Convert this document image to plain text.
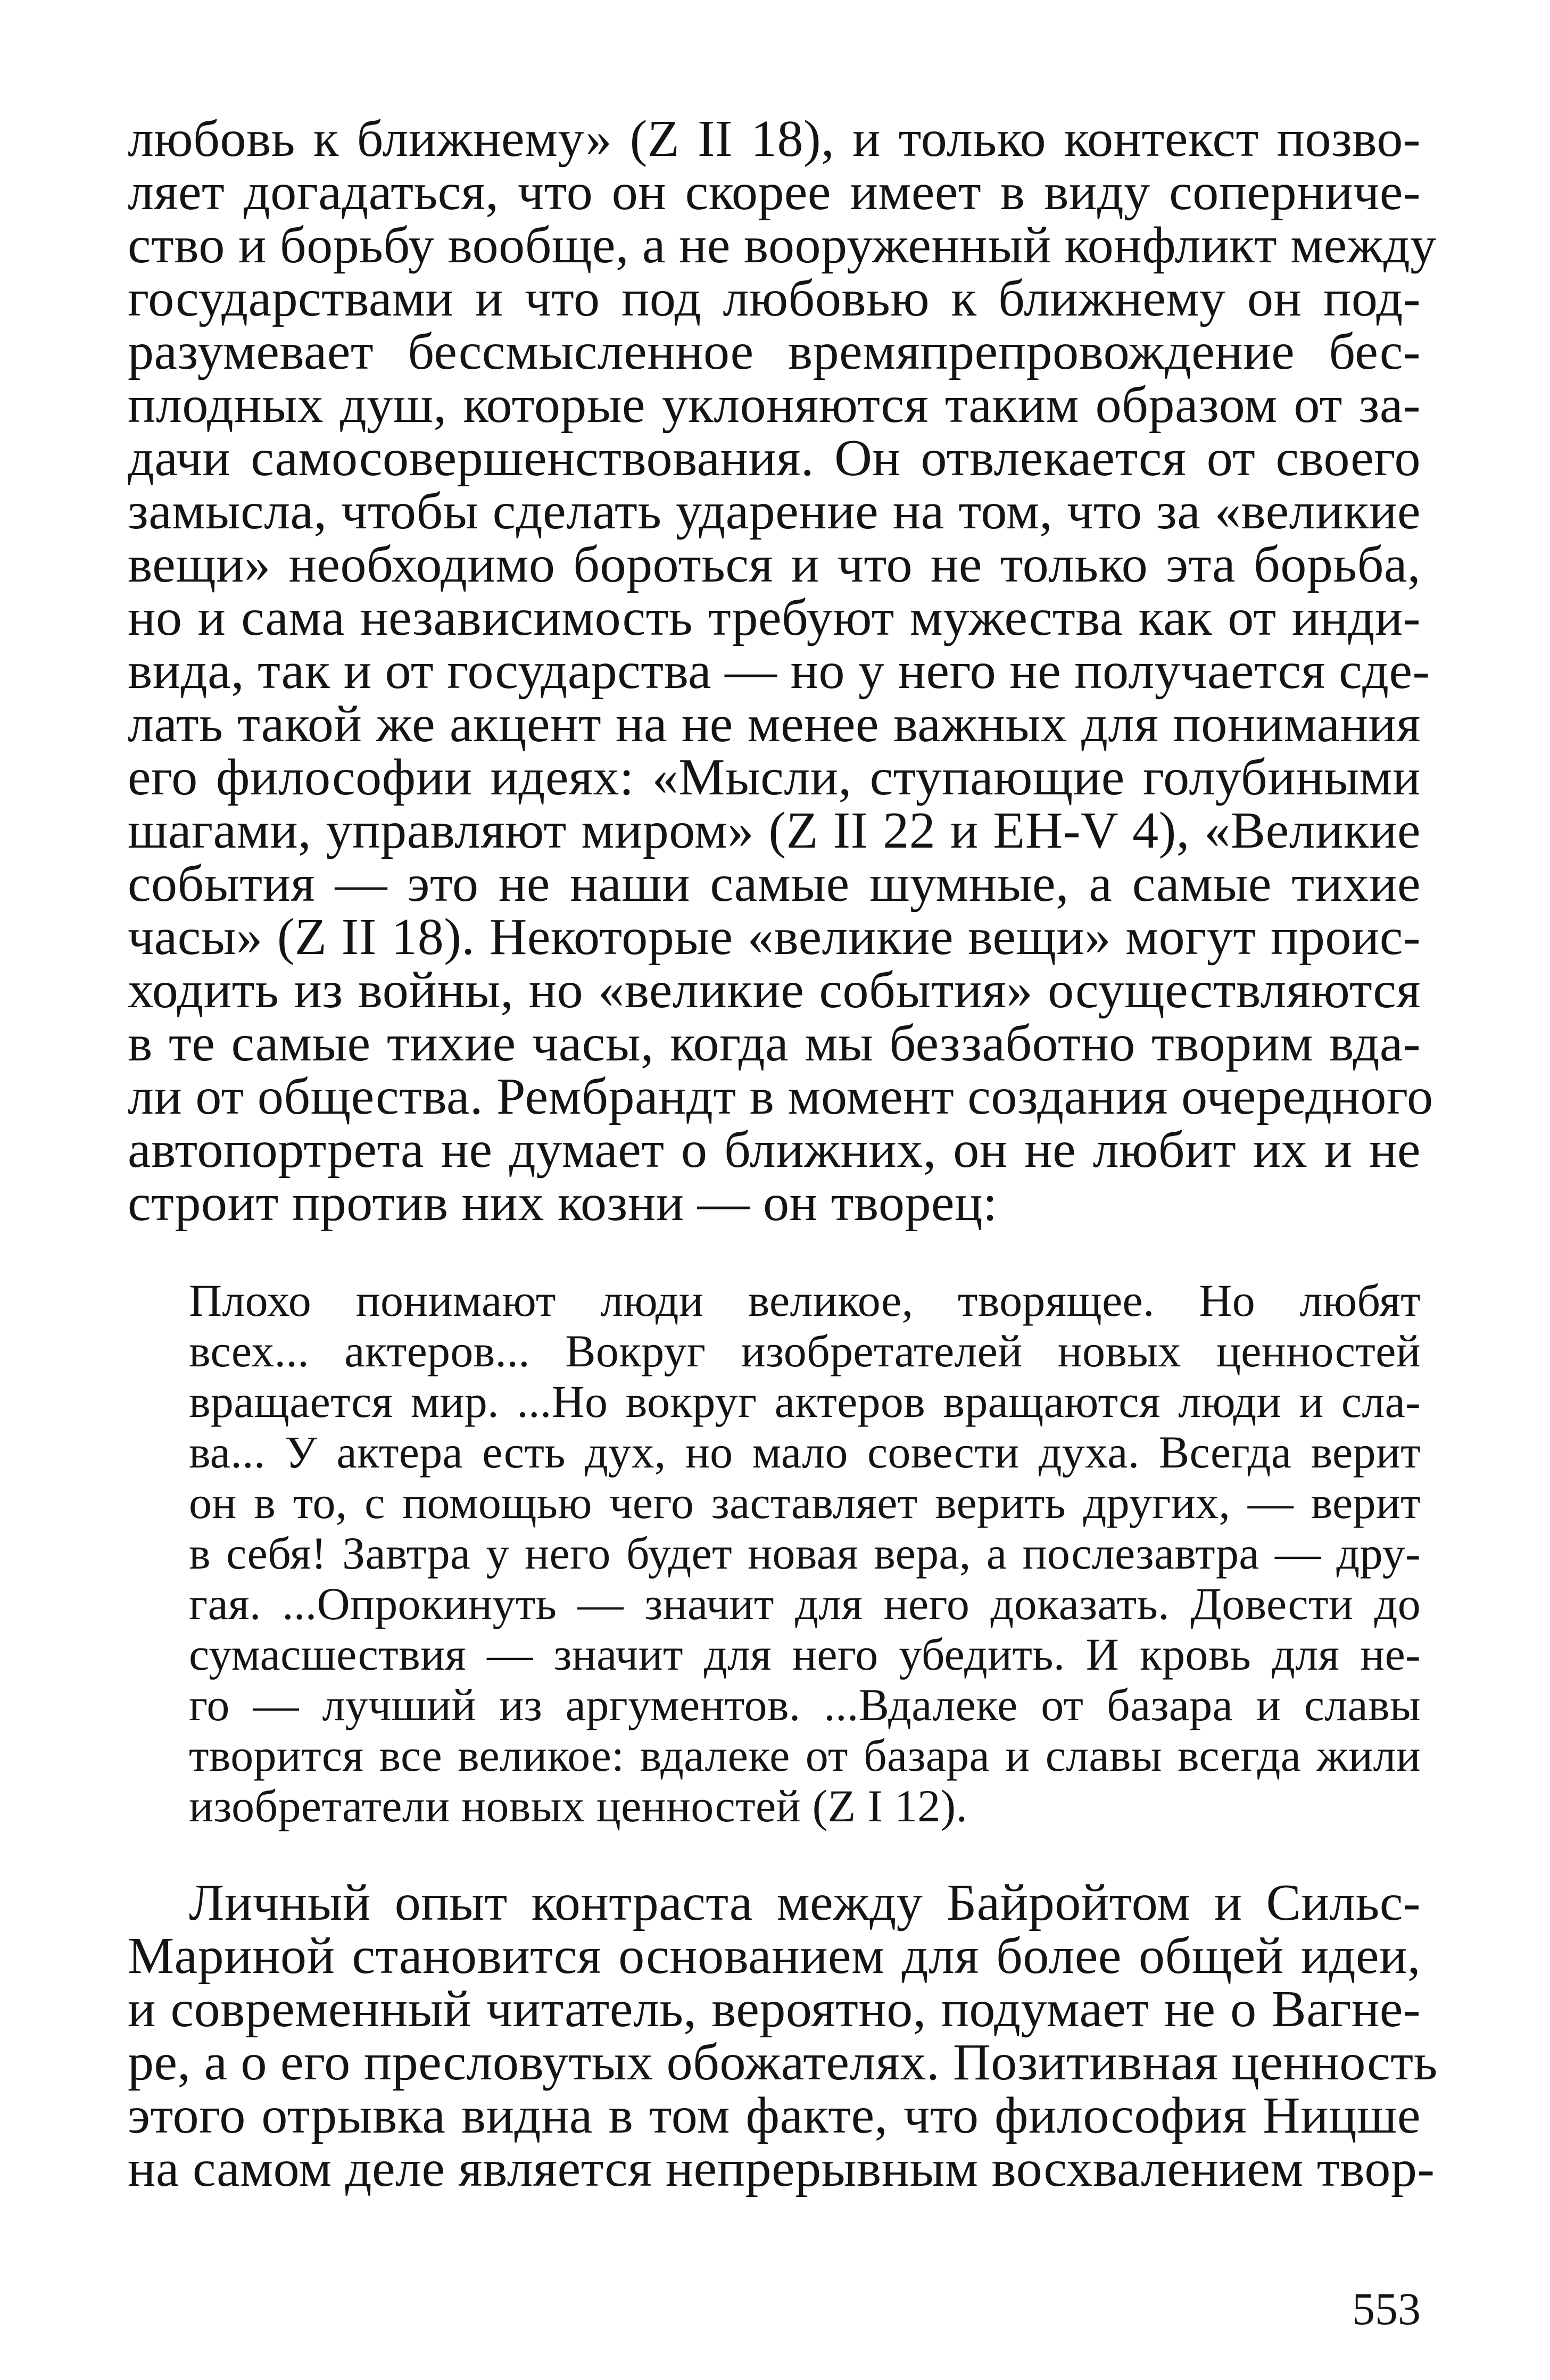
любовь к ближнему» (Z II 18), и только контекст позво-
ляет догадаться, что он скорее имеет в виду соперниче-
ство и борьбу вообще, а не вооруженный конфликт между
государствами и что под любовью к ближнему он под-
разумевает бессмысленное времяпрепровождение бес-
плодных душ, которые уклоняются таким образом от за-
дачи самосовершенствования. Он отвлекается от своего
замысла, чтобы сделать ударение на том, что за «великие
вещи» необходимо бороться и что не только эта борьба,
но и сама независимость требуют мужества как от инди-
вида, так и от государства — но у него не получается сде-
лать такой же акцент на не менее важных для понимания
его философии идеях: «Мысли, ступающие голубиными
шагами, управляют миром» (Z II 22 и EH-V 4), «Великие
события — это не наши самые шумные, а самые тихие
часы» (Z II 18). Некоторые «великие вещи» могут проис-
ходить из войны, но «великие события» осуществляются
в те самые тихие часы, когда мы беззаботно творим вда-
ли от общества. Рембрандт в момент создания очередного
автопортрета не думает о ближних, он не любит их и не
строит против них козни — он творец:
Плохо понимают люди великое, творящее. Но любят
всех... актеров... Вокруг изобретателей новых ценностей
вращается мир. ...Но вокруг актеров вращаются люди и сла-
ва... У актера есть дух, но мало совести духа. Всегда верит
он в то, с помощью чего заставляет верить других, — верит
в себя! Завтра у него будет новая вера, а послезавтра — дру-
гая. ...Опрокинуть — значит для него доказать. Довести до
сумасшествия — значит для него убедить. И кровь для не-
го — лучший из аргументов. ...Вдалеке от базара и славы
творится все великое: вдалеке от базара и славы всегда жили
изобретатели новых ценностей (Z I 12).
Личный опыт контраста между Байройтом и Сильс-
Мариной становится основанием для более общей идеи,
и современный читатель, вероятно, подумает не о Вагне-
ре, а о его пресловутых обожателях. Позитивная ценность
этого отрывка видна в том факте, что философия Ницше
на самом деле является непрерывным восхвалением твор-
553
